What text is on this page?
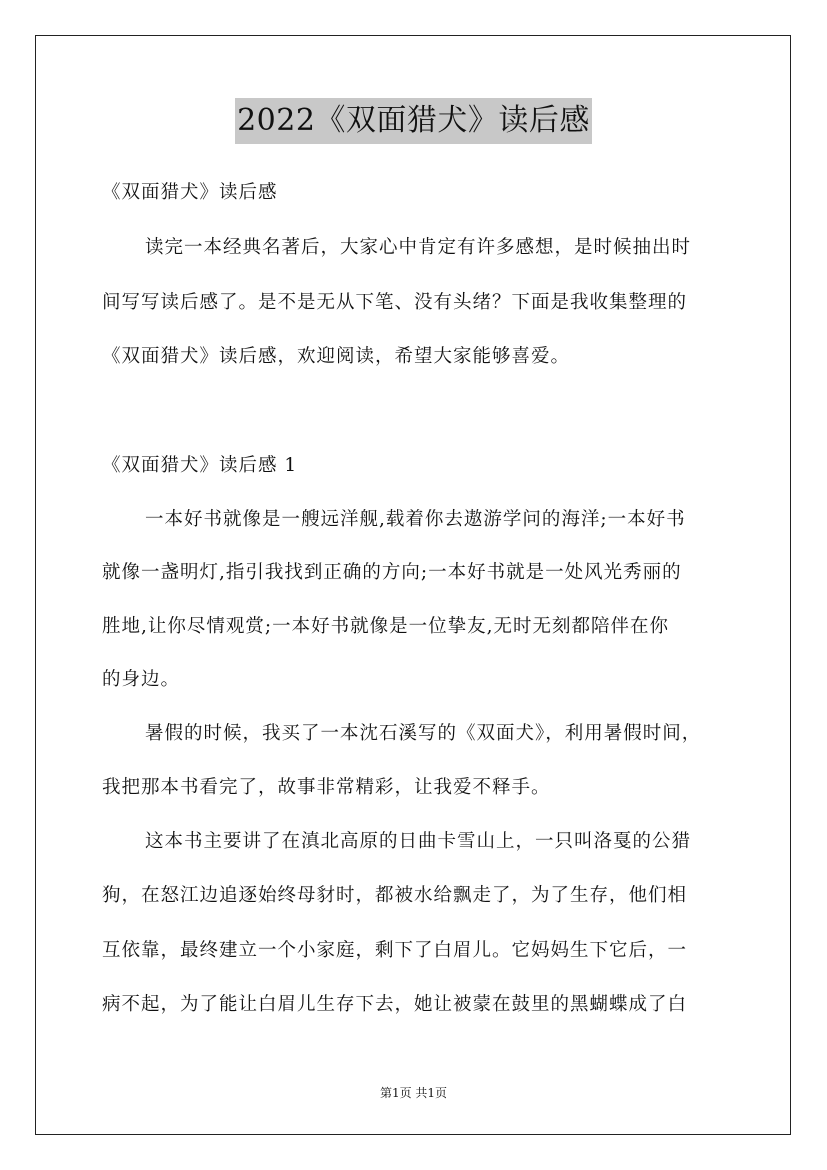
2022《双面猎犬》读后感
《双面猎犬》读后感
读完一本经典名著后，大家心中肯定有许多感想，是时候抽出时
间写写读后感了。是不是无从下笔、没有头绪？下面是我收集整理的
《双面猎犬》读后感，欢迎阅读，希望大家能够喜爱。
《双面猎犬》读后感 1
一本好书就像是一艘远洋舰,载着你去遨游学问的海洋;一本好书
就像一盏明灯,指引我找到正确的方向;一本好书就是一处风光秀丽的
胜地,让你尽情观赏;一本好书就像是一位挚友,无时无刻都陪伴在你
的身边。
暑假的时候，我买了一本沈石溪写的《双面犬》，利用暑假时间，
我把那本书看完了，故事非常精彩，让我爱不释手。
这本书主要讲了在滇北高原的日曲卡雪山上，一只叫洛戛的公猎
狗，在怒江边追逐始终母豺时，都被水给飘走了，为了生存，他们相
互依靠，最终建立一个小家庭，剩下了白眉儿。它妈妈生下它后，一
病不起，为了能让白眉儿生存下去，她让被蒙在鼓里的黑蝴蝶成了白
第1页 共1页
